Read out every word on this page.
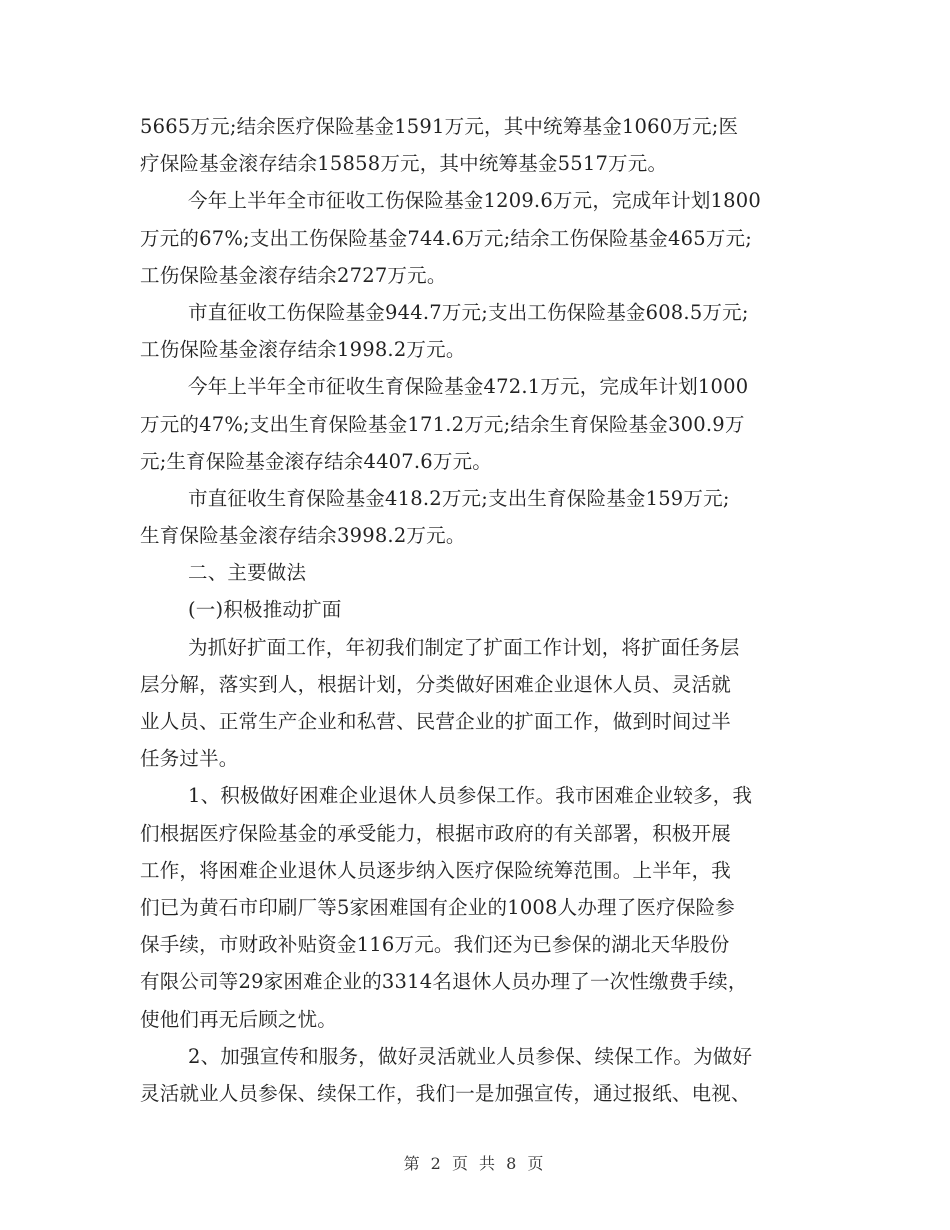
5665万元;结余医疗保险基金1591万元，其中统筹基金1060万元;医
疗保险基金滚存结余15858万元，其中统筹基金5517万元。
今年上半年全市征收工伤保险基金1209.6万元，完成年计划1800
万元的67%;支出工伤保险基金744.6万元;结余工伤保险基金465万元;
工伤保险基金滚存结余2727万元。
市直征收工伤保险基金944.7万元;支出工伤保险基金608.5万元;
工伤保险基金滚存结余1998.2万元。
今年上半年全市征收生育保险基金472.1万元，完成年计划1000
万元的47%;支出生育保险基金171.2万元;结余生育保险基金300.9万
元;生育保险基金滚存结余4407.6万元。
市直征收生育保险基金418.2万元;支出生育保险基金159万元;
生育保险基金滚存结余3998.2万元。
二、主要做法
(一)积极推动扩面
为抓好扩面工作，年初我们制定了扩面工作计划，将扩面任务层
层分解，落实到人，根据计划，分类做好困难企业退休人员、灵活就
业人员、正常生产企业和私营、民营企业的扩面工作，做到时间过半
任务过半。
1、积极做好困难企业退休人员参保工作。我市困难企业较多，我
们根据医疗保险基金的承受能力，根据市政府的有关部署，积极开展
工作，将困难企业退休人员逐步纳入医疗保险统筹范围。上半年，我
们已为黄石市印刷厂等5家困难国有企业的1008人办理了医疗保险参
保手续，市财政补贴资金116万元。我们还为已参保的湖北天华股份
有限公司等29家困难企业的3314名退休人员办理了一次性缴费手续，
使他们再无后顾之忧。
2、加强宣传和服务，做好灵活就业人员参保、续保工作。为做好
灵活就业人员参保、续保工作，我们一是加强宣传，通过报纸、电视、
第 2 页 共 8 页
